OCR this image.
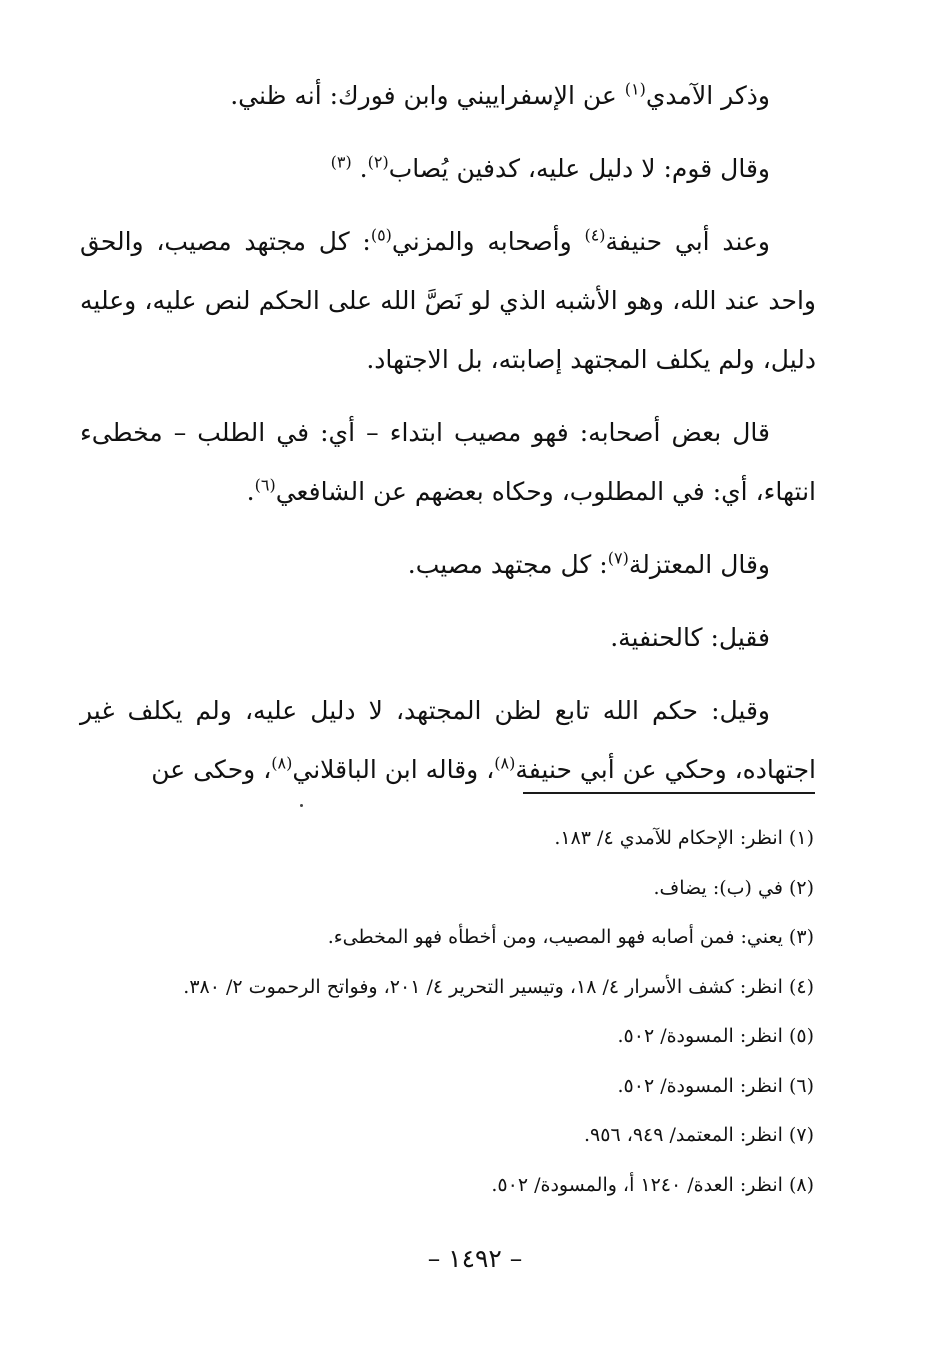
وذكر الآمدي$^{(١)}$ عن الإسفراييني وابن فورك: أنه ظني.

وقال قوم: لا دليل عليه، كدفين يُصاب$^{(٢)}$. $^{(٣)}$

وعند أبي حنيفة$^{(٤)}$ وأصحابه والمزني$^{(٥)}$: كل مجتهد مصيب، والحق واحد عند الله، وهو الأشبه الذي لو نَصَّ الله على الحكم لنص عليه، وعليه دليل، ولم يكلف المجتهد إصابته، بل الاجتهاد.

قال بعض أصحابه: فهو مصيب ابتداء – أي: في الطلب – مخطىء انتهاء، أي: في المطلوب، وحكاه بعضهم عن الشافعي$^{(٦)}$.

وقال المعتزلة$^{(٧)}$: كل مجتهد مصيب.

فقيل: كالحنفية.

وقيل: حكم الله تابع لظن المجتهد، لا دليل عليه، ولم يكلف غير اجتهاده، وحكي عن أبي حنيفة$^{(٨)}$، وقاله ابن الباقلاني$^{(٨)}$، وحكى عن

(١) انظر: الإحكام للآمدي ٤/ ١٨٣.

(٢) في (ب): يضاف.

(٣) يعني: فمن أصابه فهو المصيب، ومن أخطأه فهو المخطىء.

(٤) انظر: كشف الأسرار ٤/ ١٨، وتيسير التحرير ٤/ ٢٠١، وفواتح الرحموت ٢/ ٣٨٠.

(٥) انظر: المسودة/ ٥٠٢.

(٦) انظر: المسودة/ ٥٠٢.

(٧) انظر: المعتمد/ ٩٤٩، ٩٥٦.

(٨) انظر: العدة/ ١٢٤٠ أ، والمسودة/ ٥٠٢.

– ١٤٩٢ –
